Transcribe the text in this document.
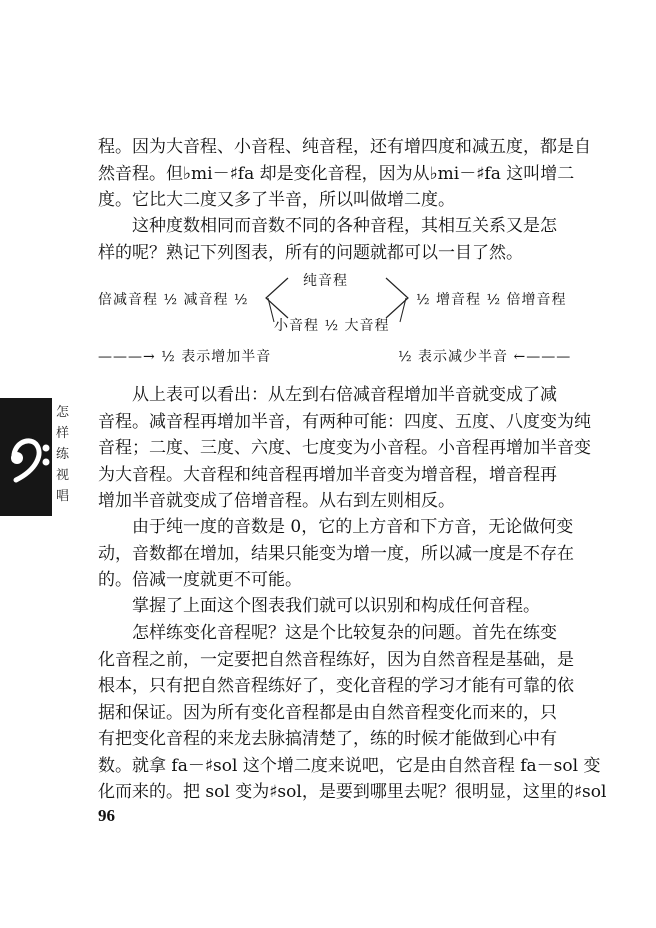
怎
样
练
视
唱
程。因为大音程、小音程、纯音程，还有增四度和减五度，都是自
然音程。但♭mi－♯fa 却是变化音程，因为从♭mi－♯fa 这叫增二
度。它比大二度又多了半音，所以叫做增二度。
　　这种度数相同而音数不同的各种音程，其相互关系又是怎
样的呢？熟记下列图表，所有的问题就都可以一目了然。
纯音程
倍减音程 ½ 减音程 ½	½ 增音程 ½ 倍增音程
小音程 ½ 大音程
———→ ½ 表示增加半音	½ 表示减少半音 ←———
　　从上表可以看出：从左到右倍减音程增加半音就变成了减
音程。减音程再增加半音，有两种可能：四度、五度、八度变为纯
音程；二度、三度、六度、七度变为小音程。小音程再增加半音变
为大音程。大音程和纯音程再增加半音变为增音程，增音程再
增加半音就变成了倍增音程。从右到左则相反。
　　由于纯一度的音数是 0，它的上方音和下方音，无论做何变
动，音数都在增加，结果只能变为增一度，所以减一度是不存在
的。倍减一度就更不可能。
　　掌握了上面这个图表我们就可以识别和构成任何音程。
　　怎样练变化音程呢？这是个比较复杂的问题。首先在练变
化音程之前，一定要把自然音程练好，因为自然音程是基础，是
根本，只有把自然音程练好了，变化音程的学习才能有可靠的依
据和保证。因为所有变化音程都是由自然音程变化而来的，只
有把变化音程的来龙去脉搞清楚了，练的时候才能做到心中有
数。就拿 fa－♯sol 这个增二度来说吧，它是由自然音程 fa－sol 变
化而来的。把 sol 变为♯sol，是要到哪里去呢？很明显，这里的♯sol
96
